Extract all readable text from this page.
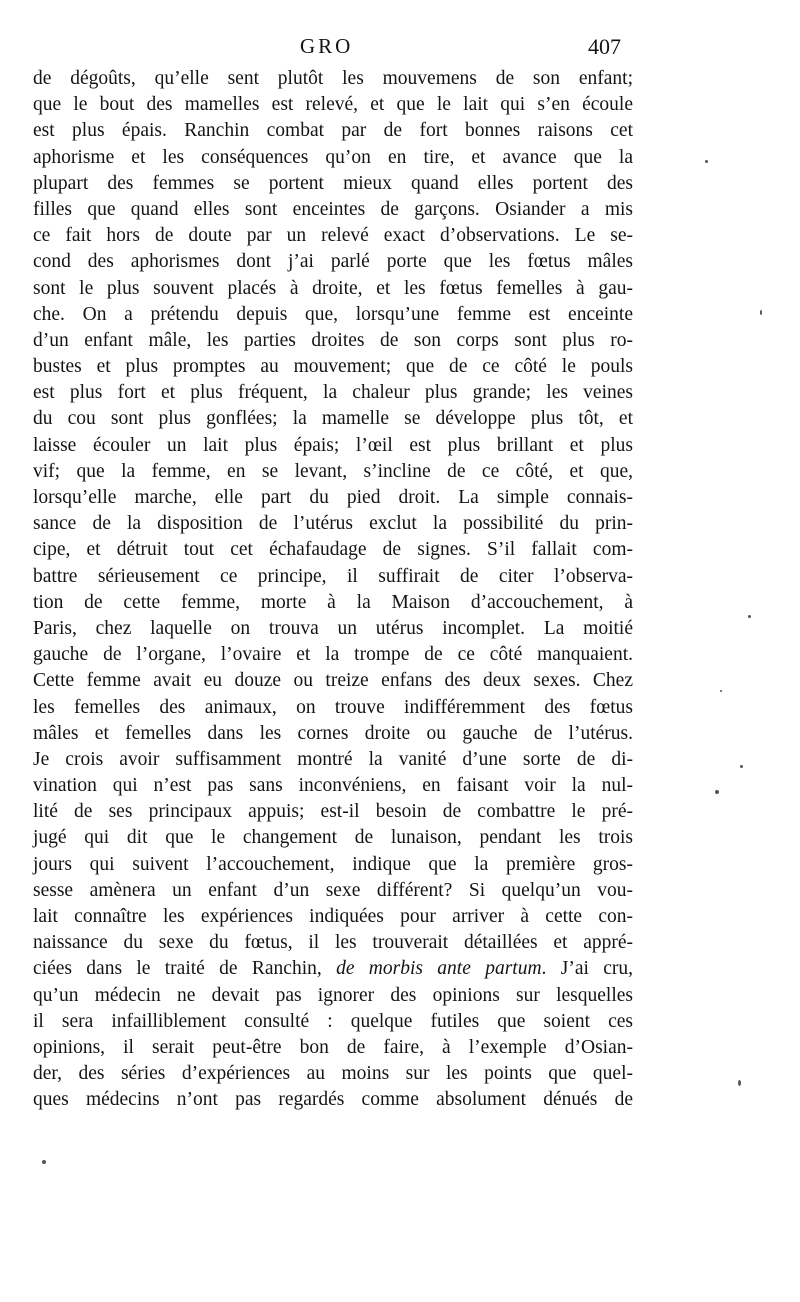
GRO	407
de dégoûts, qu’elle sent plutôt les mouvemens de son enfant;
que le bout des mamelles est relevé, et que le lait qui s’en écoule
est plus épais. Ranchin combat par de fort bonnes raisons cet
aphorisme et les conséquences qu’on en tire, et avance que la
plupart des femmes se portent mieux quand elles portent des
filles que quand elles sont enceintes de garçons. Osiander a mis
ce fait hors de doute par un relevé exact d’observations. Le se-
cond des aphorismes dont j’ai parlé porte que les fœtus mâles
sont le plus souvent placés à droite, et les fœtus femelles à gau-
che. On a prétendu depuis que, lorsqu’une femme est enceinte
d’un enfant mâle, les parties droites de son corps sont plus ro-
bustes et plus promptes au mouvement; que de ce côté le pouls
est plus fort et plus fréquent, la chaleur plus grande; les veines
du cou sont plus gonflées; la mamelle se développe plus tôt, et
laisse écouler un lait plus épais; l’œil est plus brillant et plus
vif; que la femme, en se levant, s’incline de ce côté, et que,
lorsqu’elle marche, elle part du pied droit. La simple connais-
sance de la disposition de l’utérus exclut la possibilité du prin-
cipe, et détruit tout cet échafaudage de signes. S’il fallait com-
battre sérieusement ce principe, il suffirait de citer l’observa-
tion de cette femme, morte à la Maison d’accouchement, à
Paris, chez laquelle on trouva un utérus incomplet. La moitié
gauche de l’organe, l’ovaire et la trompe de ce côté manquaient.
Cette femme avait eu douze ou treize enfans des deux sexes. Chez
les femelles des animaux, on trouve indifféremment des fœtus
mâles et femelles dans les cornes droite ou gauche de l’utérus.
Je crois avoir suffisamment montré la vanité d’une sorte de di-
vination qui n’est pas sans inconvéniens, en faisant voir la nul-
lité de ses principaux appuis; est-il besoin de combattre le pré-
jugé qui dit que le changement de lunaison, pendant les trois
jours qui suivent l’accouchement, indique que la première gros-
sesse amènera un enfant d’un sexe différent? Si quelqu’un vou-
lait connaître les expériences indiquées pour arriver à cette con-
naissance du sexe du fœtus, il les trouverait détaillées et appré-
ciées dans le traité de Ranchin, de morbis ante partum. J’ai cru,
qu’un médecin ne devait pas ignorer des opinions sur lesquelles
il sera infailliblement consulté : quelque futiles que soient ces
opinions, il serait peut-être bon de faire, à l’exemple d’Osian-
der, des séries d’expériences au moins sur les points que quel-
ques médecins n’ont pas regardés comme absolument dénués de
